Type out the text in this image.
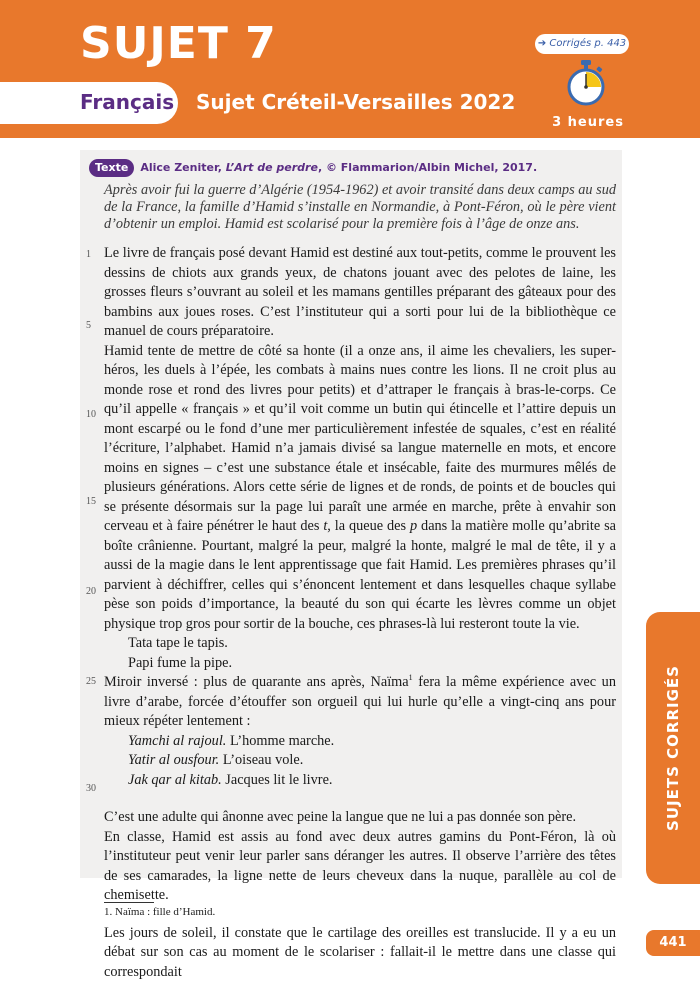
SUJET 7
Français Sujet Créteil-Versailles 2022
➔ Corrigés p. 443
3 heures
Texte Alice Zeniter, L’Art de perdre, © Flammarion/Albin Michel, 2017.
Après avoir fui la guerre d’Algérie (1954-1962) et avoir transité dans deux camps au sud de la France, la famille d’Hamid s’installe en Normandie, à Pont-Féron, où le père vient d’obtenir un emploi. Hamid est scolarisé pour la première fois à l’âge de onze ans.
1
5
10
15
20
25
30

Le livre de français posé devant Hamid est destiné aux tout-petits, comme le prouvent les dessins de chiots aux grands yeux, de chatons jouant avec des pelotes de laine, les grosses fleurs s’ouvrant au soleil et les mamans gentilles préparant des gâteaux pour des bambins aux joues roses. C’est l’instituteur qui a sorti pour lui de la bibliothèque ce manuel de cours préparatoire.

Hamid tente de mettre de côté sa honte (il a onze ans, il aime les chevaliers, les super-héros, les duels à l’épée, les combats à mains nues contre les lions. Il ne croit plus au monde rose et rond des livres pour petits) et d’attraper le français à bras-le-corps. Ce qu’il appelle « français » et qu’il voit comme un butin qui étincelle et l’attire depuis un mont escarpé ou le fond d’une mer particulièrement infestée de squales, c’est en réalité l’écriture, l’alphabet. Hamid n’a jamais divisé sa langue maternelle en mots, et encore moins en signes – c’est une substance étale et insécable, faite des murmures mêlés de plusieurs générations. Alors cette série de lignes et de ronds, de points et de boucles qui se présente désormais sur la page lui paraît une armée en marche, prête à envahir son cerveau et à faire pénétrer le haut des t, la queue des p dans la matière molle qu’abrite sa boîte crânienne. Pourtant, malgré la peur, malgré la honte, malgré le mal de tête, il y a aussi de la magie dans le lent apprentissage que fait Hamid. Les premières phrases qu’il parvient à déchiffrer, celles qui s’énoncent lentement et dans lesquelles chaque syllabe pèse son poids d’importance, la beauté du son qui écarte les lèvres comme un objet physique trop gros pour sortir de la bouche, ces phrases-là lui resteront toute la vie.

Tata tape le tapis.

Papi fume la pipe.

Miroir inversé : plus de quarante ans après, Naïma$^1$ fera la même expérience avec un livre d’arabe, forcée d’étouffer son orgueil qui lui hurle qu’elle a vingt-cinq ans pour mieux répéter lentement :

Yamchi al rajoul. L’homme marche.

Yatir al ousfour. L’oiseau vole.

Jak qar al kitab. Jacques lit le livre.

C’est une adulte qui ânonne avec peine la langue que ne lui a pas donnée son père.

En classe, Hamid est assis au fond avec deux autres gamins du Pont-Féron, là où l’instituteur peut venir leur parler sans déranger les autres. Il observe l’arrière des têtes de ses camarades, la ligne nette de leurs cheveux dans la nuque, parallèle au col de chemisette.

Les jours de soleil, il constate que le cartilage des oreilles est translucide. Il y a eu un débat sur son cas au moment de le scolariser : fallait-il le mettre dans une classe qui correspondait

1. Naïma : fille d’Hamid.
SUJETS CORRIGÉS
441
